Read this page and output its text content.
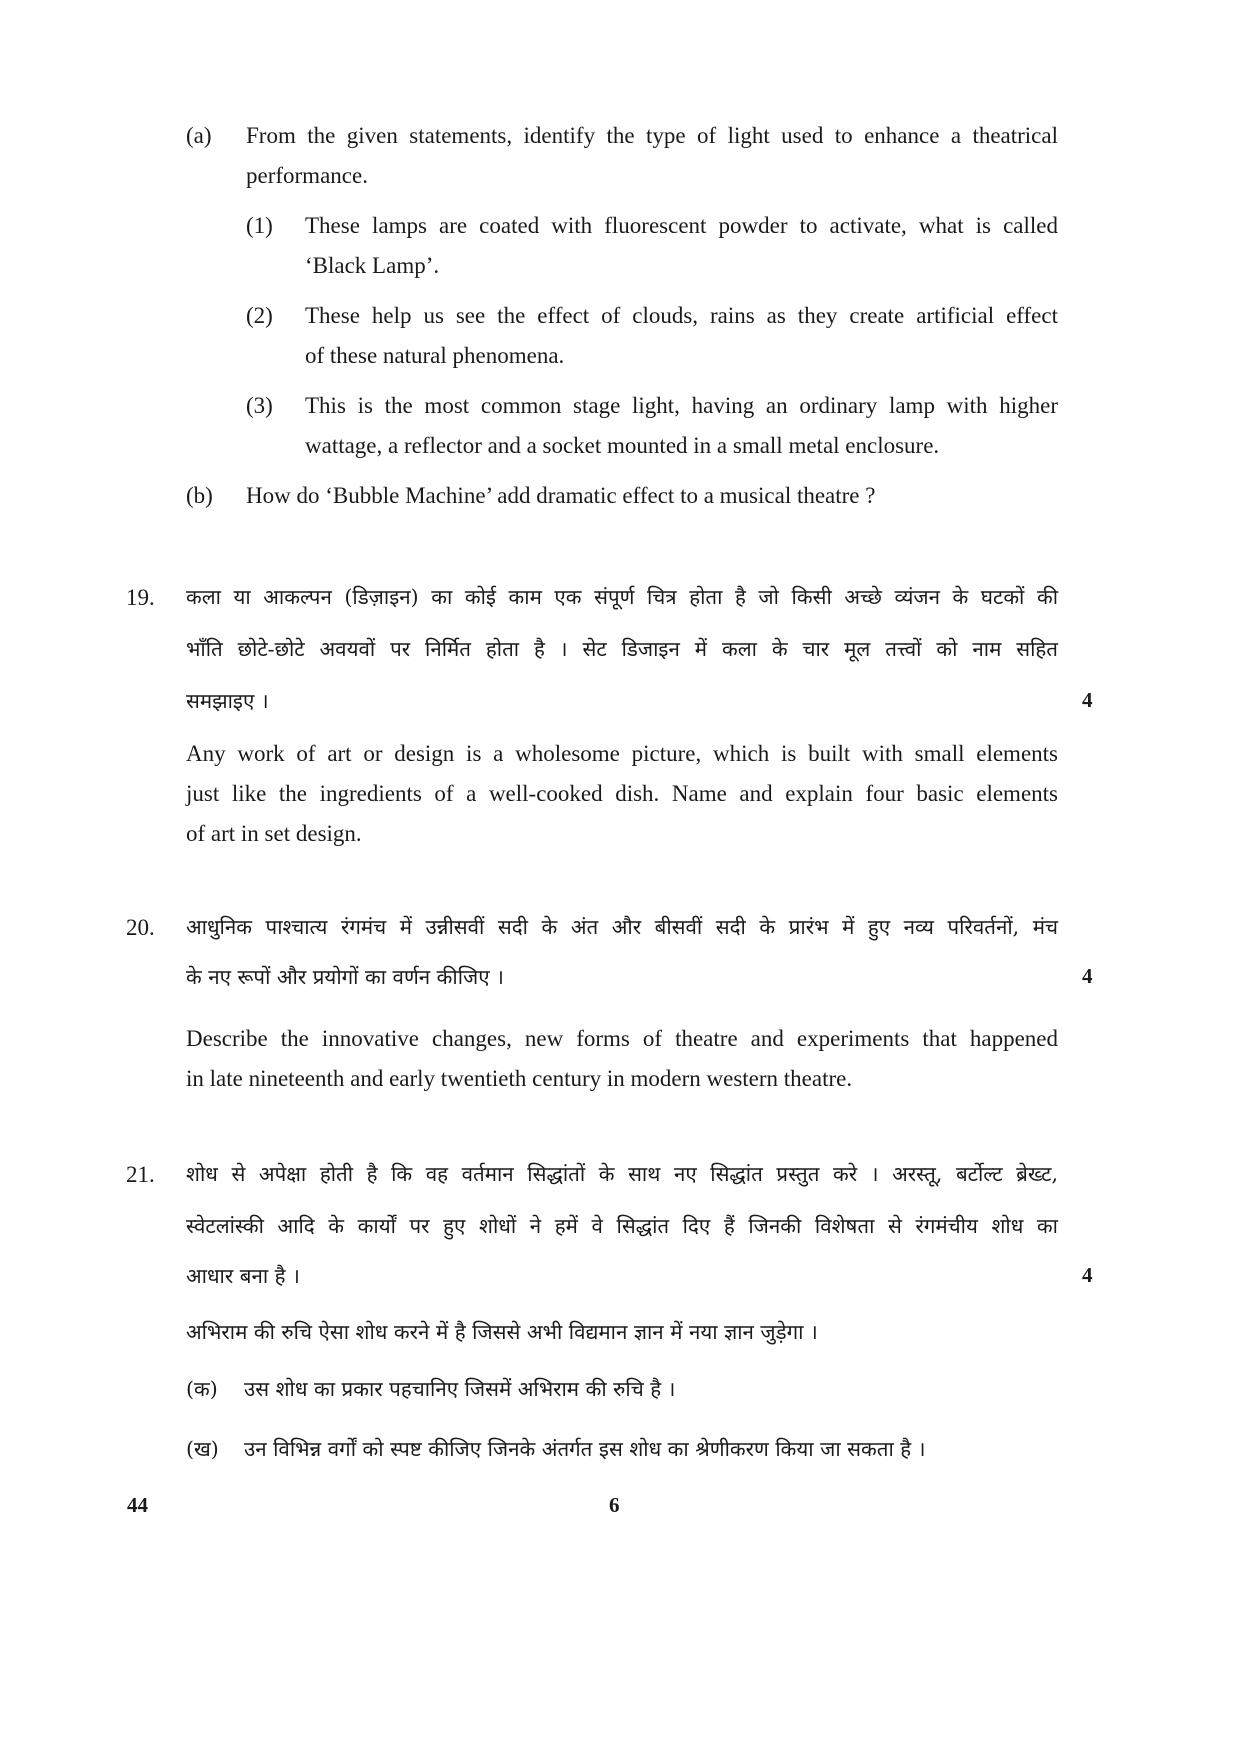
(a) From the given statements, identify the type of light used to enhance a theatrical
performance.
(1) These lamps are coated with fluorescent powder to activate, what is called
‘Black Lamp’.
(2) These help us see the effect of clouds, rains as they create artificial effect
of these natural phenomena.
(3) This is the most common stage light, having an ordinary lamp with higher
wattage, a reflector and a socket mounted in a small metal enclosure.
(b) How do ‘Bubble Machine’ add dramatic effect to a musical theatre ?
19. कला या आकल्पन (डिज़ाइन) का कोई काम एक संपूर्ण चित्र होता है जो किसी अच्छे व्यंजन के घटकों की
भाँति छोटे-छोटे अवयवों पर निर्मित होता है । सेट डिजाइन में कला के चार मूल तत्त्वों को नाम सहित
समझाइए ।	4
Any work of art or design is a wholesome picture, which is built with small elements
just like the ingredients of a well-cooked dish. Name and explain four basic elements
of art in set design.
20. आधुनिक पाश्चात्य रंगमंच में उन्नीसवीं सदी के अंत और बीसवीं सदी के प्रारंभ में हुए नव्य परिवर्तनों, मंच
के नए रूपों और प्रयोगों का वर्णन कीजिए ।	4
Describe the innovative changes, new forms of theatre and experiments that happened
in late nineteenth and early twentieth century in modern western theatre.
21. शोध से अपेक्षा होती है कि वह वर्तमान सिद्धांतों के साथ नए सिद्धांत प्रस्तुत करे । अरस्तू, बर्टोल्ट ब्रेख्ट,
स्वेटलांस्की आदि के कार्यों पर हुए शोधों ने हमें वे सिद्धांत दिए हैं जिनकी विशेषता से रंगमंचीय शोध का
आधार बना है ।	4
अभिराम की रुचि ऐसा शोध करने में है जिससे अभी विद्यमान ज्ञान में नया ज्ञान जुड़ेगा ।
(क) उस शोध का प्रकार पहचानिए जिसमें अभिराम की रुचि है ।
(ख) उन विभिन्न वर्गों को स्पष्ट कीजिए जिनके अंतर्गत इस शोध का श्रेणीकरण किया जा सकता है ।
44	6
